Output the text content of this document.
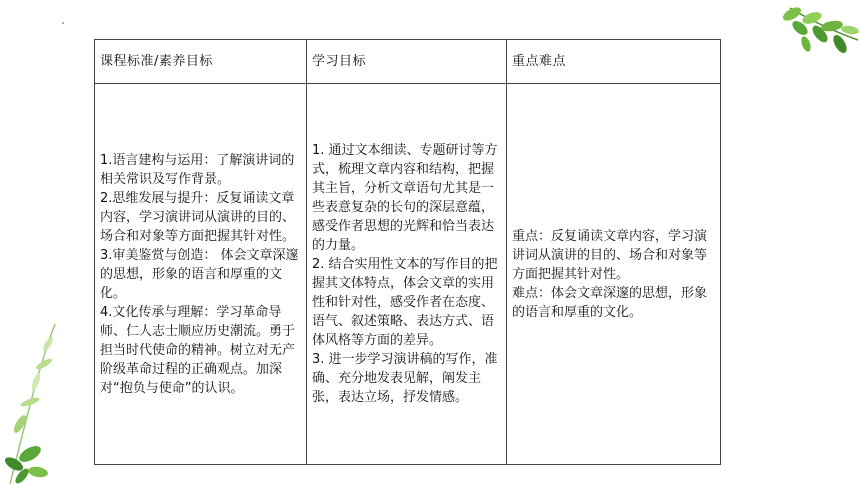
课程标准/素养目标	学习目标	重点难点

1.语言建构与运用：了解演讲词的相关常识及写作背景。
2.思维发展与提升：反复诵读文章内容，学习演讲词从演讲的目的、场合和对象等方面把握其针对性。
3.审美鉴赏与创造： 体会文章深邃的思想，形象的语言和厚重的文化。
4.文化传承与理解：学习革命导师、仁人志士顺应历史潮流。勇于担当时代使命的精神。树立对无产阶级革命过程的正确观点。加深对“抱负与使命”的认识。	1. 通过文本细读、专题研讨等方式，梳理文章内容和结构，把握其主旨，分析文章语句尤其是一些表意复杂的长句的深层意蕴，感受作者思想的光辉和恰当表达的力量。
2. 结合实用性文本的写作目的把握其文体特点，体会文章的实用性和针对性，感受作者在态度、语气、叙述策略、表达方式、语体风格等方面的差异。
3. 进一步学习演讲稿的写作，准确、充分地发表见解，阐发主张，表达立场，抒发情感。	重点：反复诵读文章内容，学习演讲词从演讲的目的、场合和对象等方面把握其针对性。
难点：体会文章深邃的思想，形象的语言和厚重的文化。
